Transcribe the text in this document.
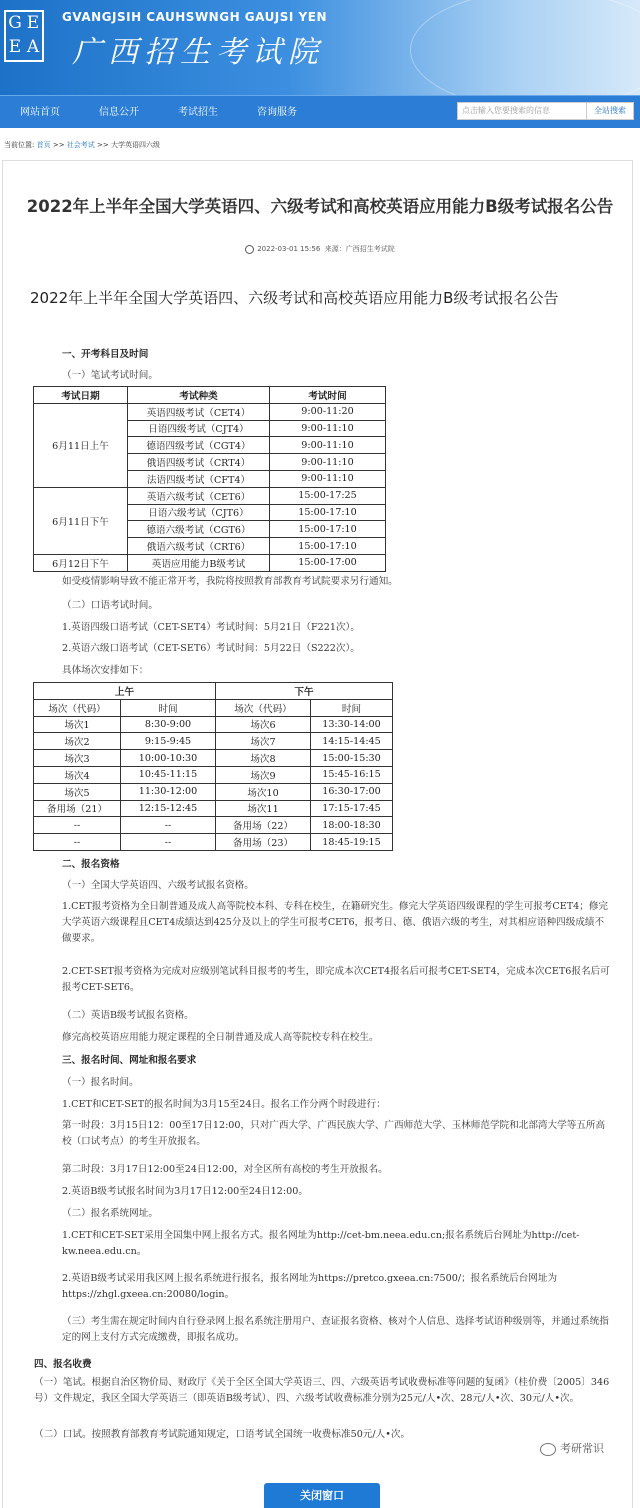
G E
E A
GVANGJSIH CAUHSWNGH GAUJSI YEN
广西招生考试院
网站首页	信息公开	考试招生	咨询服务	点击输入您要搜索的信息	全站搜索
当前位置: 首页 >> 社会考试 >> 大学英语四六级
2022年上半年全国大学英语四、六级考试和高校英语应用能力B级考试报名公告
2022-03-01 15:56 来源：广西招生考试院
2022年上半年全国大学英语四、六级考试和高校英语应用能力B级考试报名公告
一、开考科目及时间
（一）笔试考试时间。
考试日期	考试种类	考试时间
6月11日上午	英语四级考试（CET4）	9:00-11:20
	日语四级考试（CJT4）	9:00-11:10
	德语四级考试（CGT4）	9:00-11:10
	俄语四级考试（CRT4）	9:00-11:10
	法语四级考试（CFT4）	9:00-11:10
6月11日下午	英语六级考试（CET6）	15:00-17:25
	日语六级考试（CJT6）	15:00-17:10
	德语六级考试（CGT6）	15:00-17:10
	俄语六级考试（CRT6）	15:00-17:10
6月12日下午	英语应用能力B级考试	15:00-17:00
如受疫情影响导致不能正常开考，我院将按照教育部教育考试院要求另行通知。
（二）口语考试时间。
1.英语四级口语考试（CET-SET4）考试时间：5月21日（F221次）。
2.英语六级口语考试（CET-SET6）考试时间：5月22日（S222次）。
具体场次安排如下：
上午		下午	
场次（代码）	时间	场次（代码）	时间
场次1	8:30-9:00	场次6	13:30-14:00
场次2	9:15-9:45	场次7	14:15-14:45
场次3	10:00-10:30	场次8	15:00-15:30
场次4	10:45-11:15	场次9	15:45-16:15
场次5	11:30-12:00	场次10	16:30-17:00
备用场（21）	12:15-12:45	场次11	17:15-17:45
--	--	备用场（22）	18:00-18:30
--	--	备用场（23）	18:45-19:15
二、报名资格
（一）全国大学英语四、六级考试报名资格。
1.CET报考资格为全日制普通及成人高等院校本科、专科在校生，在籍研究生。修完大学英语四级课程的学生可报考CET4；修完大学英语六级课程且CET4成绩达到425分及以上的学生可报考CET6，报考日、德、俄语六级的考生，对其相应语种四级成绩不做要求。
2.CET-SET报考资格为完成对应级别笔试科目报考的考生，即完成本次CET4报名后可报考CET-SET4，完成本次CET6报名后可报考CET-SET6。
（二）英语B级考试报名资格。
修完高校英语应用能力规定课程的全日制普通及成人高等院校专科在校生。
三、报名时间、网址和报名要求
（一）报名时间。
1.CET和CET-SET的报名时间为3月15至24日。报名工作分两个时段进行：
第一时段：3月15日12：00至17日12:00，只对广西大学、广西民族大学、广西师范大学、玉林师范学院和北部湾大学等五所高校（口试考点）的考生开放报名。
第二时段：3月17日12:00至24日12:00，对全区所有高校的考生开放报名。
2.英语B级考试报名时间为3月17日12:00至24日12:00。
（二）报名系统网址。
1.CET和CET-SET采用全国集中网上报名方式。报名网址为http://cet-bm.neea.edu.cn;报名系统后台网址为http://cet-kw.neea.edu.cn。
2.英语B级考试采用我区网上报名系统进行报名，报名网址为https://pretco.gxeea.cn:7500/；报名系统后台网址为https://zhgl.gxeea.cn:20080/login。
（三）考生需在规定时间内自行登录网上报名系统注册用户、查证报名资格、核对个人信息、选择考试语种级别等，并通过系统指定的网上支付方式完成缴费，即报名成功。
四、报名收费
（一）笔试。根据自治区物价局、财政厅《关于全区全国大学英语三、四、六级英语考试收费标准等问题的复函》（桂价费〔2005〕346号）文件规定，我区全国大学英语三（即英语B级考试）、四、六级考试收费标准分别为25元/人•次、28元/人•次、30元/人•次。
（二）口试。按照教育部教育考试院通知规定，口语考试全国统一收费标准50元/人•次。
考研常识
关闭窗口
